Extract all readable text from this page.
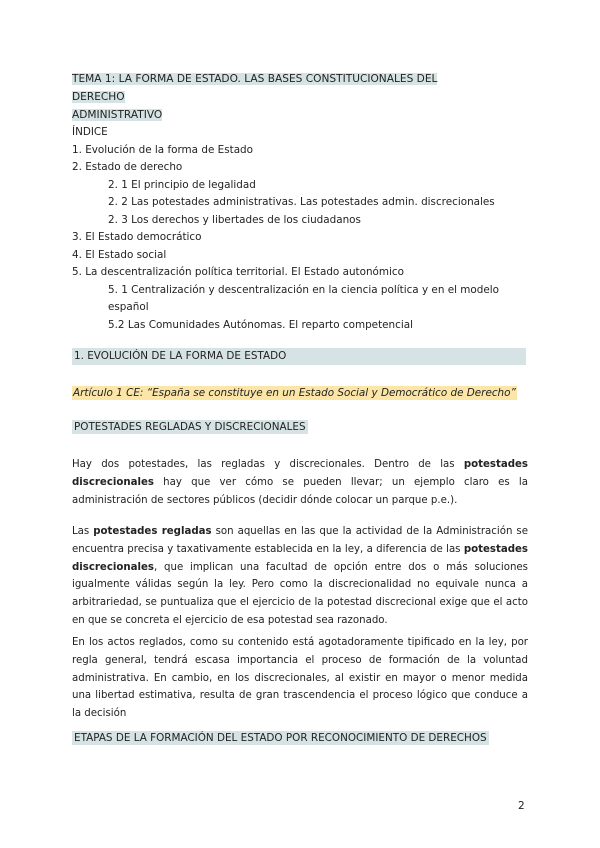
TEMA 1: LA FORMA DE ESTADO. LAS BASES CONSTITUCIONALES DEL DERECHO
ADMINISTRATIVO
ÍNDICE
1. Evolución de la forma de Estado
2. Estado de derecho
2. 1 El principio de legalidad
2. 2 Las potestades administrativas. Las potestades admin. discrecionales
2. 3 Los derechos y libertades de los ciudadanos
3. El Estado democrático
4. El Estado social
5. La descentralización política territorial. El Estado autonómico
5. 1 Centralización y descentralización en la ciencia política y en el modelo español
5.2 Las Comunidades Autónomas. El reparto competencial
1. EVOLUCIÓN DE LA FORMA DE ESTADO
Artículo 1 CE: “España se constituye en un Estado Social y Democrático de Derecho”
POTESTADES REGLADAS Y DISCRECIONALES
Hay dos potestades, las regladas y discrecionales. Dentro de las potestades discrecionales hay que ver cómo se pueden llevar; un ejemplo claro es la administración de sectores públicos (decidir dónde colocar un parque p.e.).
Las potestades regladas son aquellas en las que la actividad de la Administración se encuentra precisa y taxativamente establecida en la ley, a diferencia de las potestades discrecionales, que implican una facultad de opción entre dos o más soluciones igualmente válidas según la ley. Pero como la discrecionalidad no equivale nunca a arbitrariedad, se puntualiza que el ejercicio de la potestad discrecional exige que el acto en que se concreta el ejercicio de esa potestad sea razonado.
En los actos reglados, como su contenido está agotadoramente tipificado en la ley, por regla general, tendrá escasa importancia el proceso de formación de la voluntad administrativa. En cambio, en los discrecionales, al existir en mayor o menor medida una libertad estimativa, resulta de gran trascendencia el proceso lógico que conduce a la decisión
ETAPAS DE LA FORMACIÓN DEL ESTADO POR RECONOCIMIENTO DE DERECHOS
2
